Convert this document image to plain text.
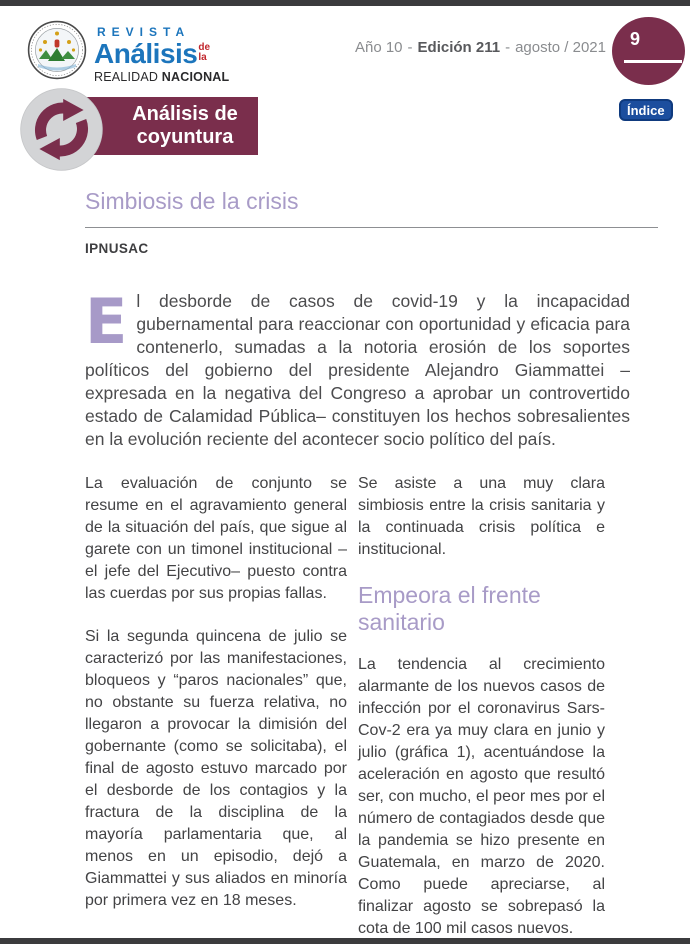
REVISTA
Análisis de
la
REALIDAD NACIONAL
Año 10 - Edición 211 - agosto / 2021	9
Índice
Análisis de
coyuntura
Simbiosis de la crisis
IPNUSAC
El desborde de casos de covid-19 y la incapacidad gubernamental para reaccionar con oportunidad y eficacia para contenerlo, sumadas a la notoria erosión de los soportes políticos del gobierno del presidente Alejandro Giammattei –expresada en la negativa del Congreso a aprobar un controvertido estado de Calamidad Pública– constituyen los hechos sobresalientes en la evolución reciente del acontecer socio político del país.

La evaluación de conjunto se resume en el agravamiento general de la situación del país, que sigue al garete con un timonel institucional –el jefe del Ejecutivo– puesto contra las cuerdas por sus propias fallas.

Si la segunda quincena de julio se caracterizó por las manifestaciones, bloqueos y “paros nacionales” que, no obstante su fuerza relativa, no llegaron a provocar la dimisión del gobernante (como se solicitaba), el final de agosto estuvo marcado por el desborde de los contagios y la fractura de la disciplina de la mayoría parlamentaria que, al menos en un episodio, dejó a Giammattei y sus aliados en minoría por primera vez en 18 meses.

Se asiste a una muy clara simbiosis entre la crisis sanitaria y la continuada crisis política e institucional.

Empeora el frente sanitario

La tendencia al crecimiento alarmante de los nuevos casos de infección por el coronavirus Sars-Cov-2 era ya muy clara en junio y julio (gráfica 1), acentuándose la aceleración en agosto que resultó ser, con mucho, el peor mes por el número de contagiados desde que la pandemia se hizo presente en Guatemala, en marzo de 2020. Como puede apreciarse, al finalizar agosto se sobrepasó la cota de 100 mil casos nuevos.
